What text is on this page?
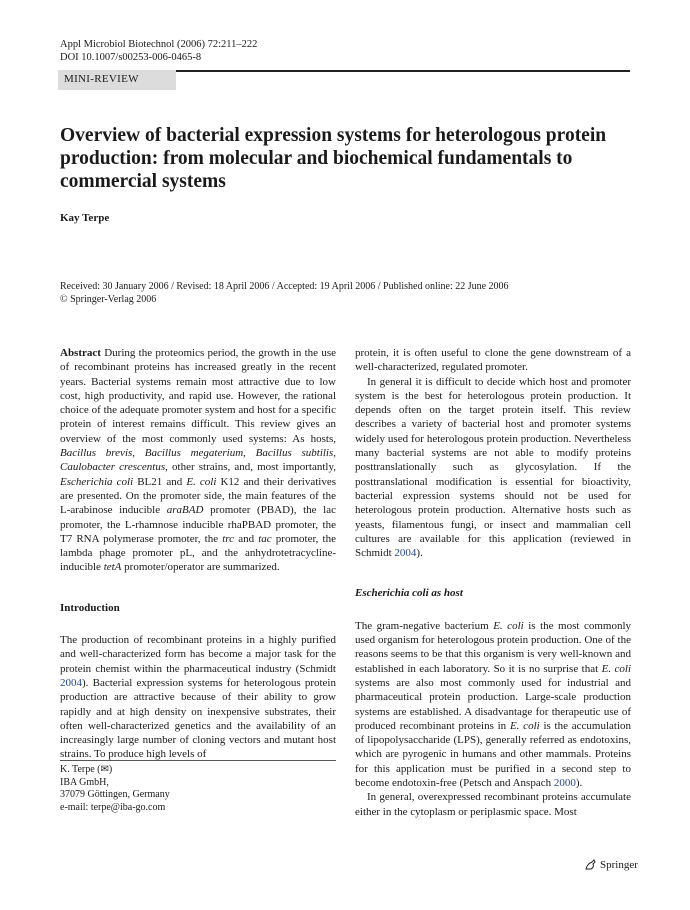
Appl Microbiol Biotechnol (2006) 72:211–222
DOI 10.1007/s00253-006-0465-8
MINI-REVIEW
Overview of bacterial expression systems for heterologous protein production: from molecular and biochemical fundamentals to commercial systems
Kay Terpe
Received: 30 January 2006 / Revised: 18 April 2006 / Accepted: 19 April 2006 / Published online: 22 June 2006
© Springer-Verlag 2006

Abstract During the proteomics period, the growth in the use of recombinant proteins has increased greatly in the recent years. Bacterial systems remain most attractive due to low cost, high productivity, and rapid use. However, the rational choice of the adequate promoter system and host for a specific protein of interest remains difficult. This review gives an overview of the most commonly used systems: As hosts, Bacillus brevis, Bacillus megaterium, Bacillus subtilis, Caulobacter crescentus, other strains, and, most importantly, Escherichia coli BL21 and E. coli K12 and their derivatives are presented. On the promoter side, the main features of the L-arabinose inducible araBAD promoter (PBAD), the lac promoter, the L-rhamnose inducible rhaPBAD promoter, the T7 RNA polymerase promoter, the trc and tac promoter, the lambda phage promoter pL, and the anhydrotetracycline-inducible tetA promoter/operator are summarized.

Introduction

The production of recombinant proteins in a highly purified and well-characterized form has become a major task for the protein chemist within the pharmaceutical industry (Schmidt 2004). Bacterial expression systems for heterologous protein production are attractive because of their ability to grow rapidly and at high density on inexpensive substrates, their often well-characterized genetics and the availability of an increasingly large number of cloning vectors and mutant host strains. To produce high levels of

protein, it is often useful to clone the gene downstream of a well-characterized, regulated promoter.

In general it is difficult to decide which host and promoter system is the best for heterologous protein production. It depends often on the target protein itself. This review describes a variety of bacterial host and promoter systems widely used for heterologous protein production. Nevertheless many bacterial systems are not able to modify proteins posttranslationally such as glycosylation. If the posttranslational modification is essential for bioactivity, bacterial expression systems should not be used for heterologous protein production. Alternative hosts such as yeasts, filamentous fungi, or insect and mammalian cell cultures are available for this application (reviewed in Schmidt 2004).

Escherichia coli as host

The gram-negative bacterium E. coli is the most commonly used organism for heterologous protein production. One of the reasons seems to be that this organism is very well-known and established in each laboratory. So it is no surprise that E. coli systems are also most commonly used for industrial and pharmaceutical protein production. Large-scale production systems are established. A disadvantage for therapeutic use of produced recombinant proteins in E. coli is the accumulation of lipopolysaccharide (LPS), generally referred as endotoxins, which are pyrogenic in humans and other mammals. Proteins for this application must be purified in a second step to become endotoxin-free (Petsch and Anspach 2000).

In general, overexpressed recombinant proteins accumulate either in the cytoplasm or periplasmic space. Most

K. Terpe (✉)
IBA GmbH,
37079 Göttingen, Germany
e-mail: terpe@iba-go.com
Springer
